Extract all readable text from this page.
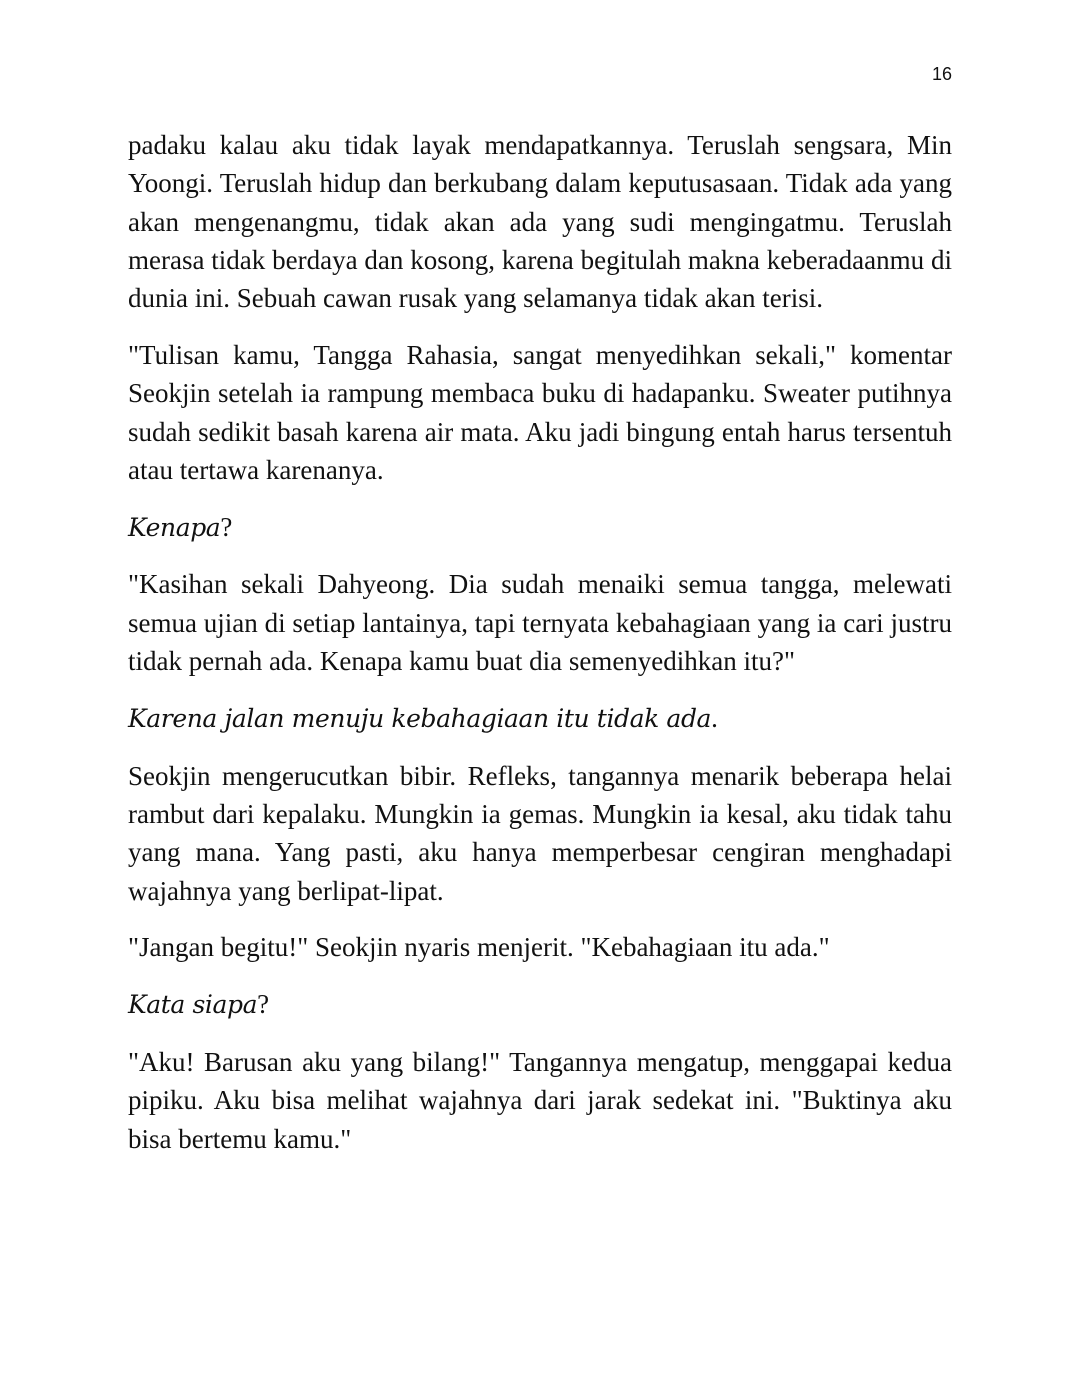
16

padaku kalau aku tidak layak mendapatkannya. Teruslah sengsara, Min Yoongi. Teruslah hidup dan berkubang dalam keputusasaan. Tidak ada yang akan mengenangmu, tidak akan ada yang sudi mengingatmu. Teruslah merasa tidak berdaya dan kosong, karena begitulah makna keberadaanmu di dunia ini. Sebuah cawan rusak yang selamanya tidak akan terisi.

"Tulisan kamu, Tangga Rahasia, sangat menyedihkan sekali," komentar Seokjin setelah ia rampung membaca buku di hadapanku. Sweater putihnya sudah sedikit basah karena air mata. Aku jadi bingung entah harus tersentuh atau tertawa karenanya.

Kenapa?

"Kasihan sekali Dahyeong. Dia sudah menaiki semua tangga, melewati semua ujian di setiap lantainya, tapi ternyata kebahagiaan yang ia cari justru tidak pernah ada. Kenapa kamu buat dia semenyedihkan itu?"

Karena jalan menuju kebahagiaan itu tidak ada.

Seokjin mengerucutkan bibir. Refleks, tangannya menarik beberapa helai rambut dari kepalaku. Mungkin ia gemas. Mungkin ia kesal, aku tidak tahu yang mana. Yang pasti, aku hanya memperbesar cengiran menghadapi wajahnya yang berlipat-lipat.

"Jangan begitu!" Seokjin nyaris menjerit. "Kebahagiaan itu ada."

Kata siapa?

"Aku! Barusan aku yang bilang!" Tangannya mengatup, menggapai kedua pipiku. Aku bisa melihat wajahnya dari jarak sedekat ini. "Buktinya aku bisa bertemu kamu."
